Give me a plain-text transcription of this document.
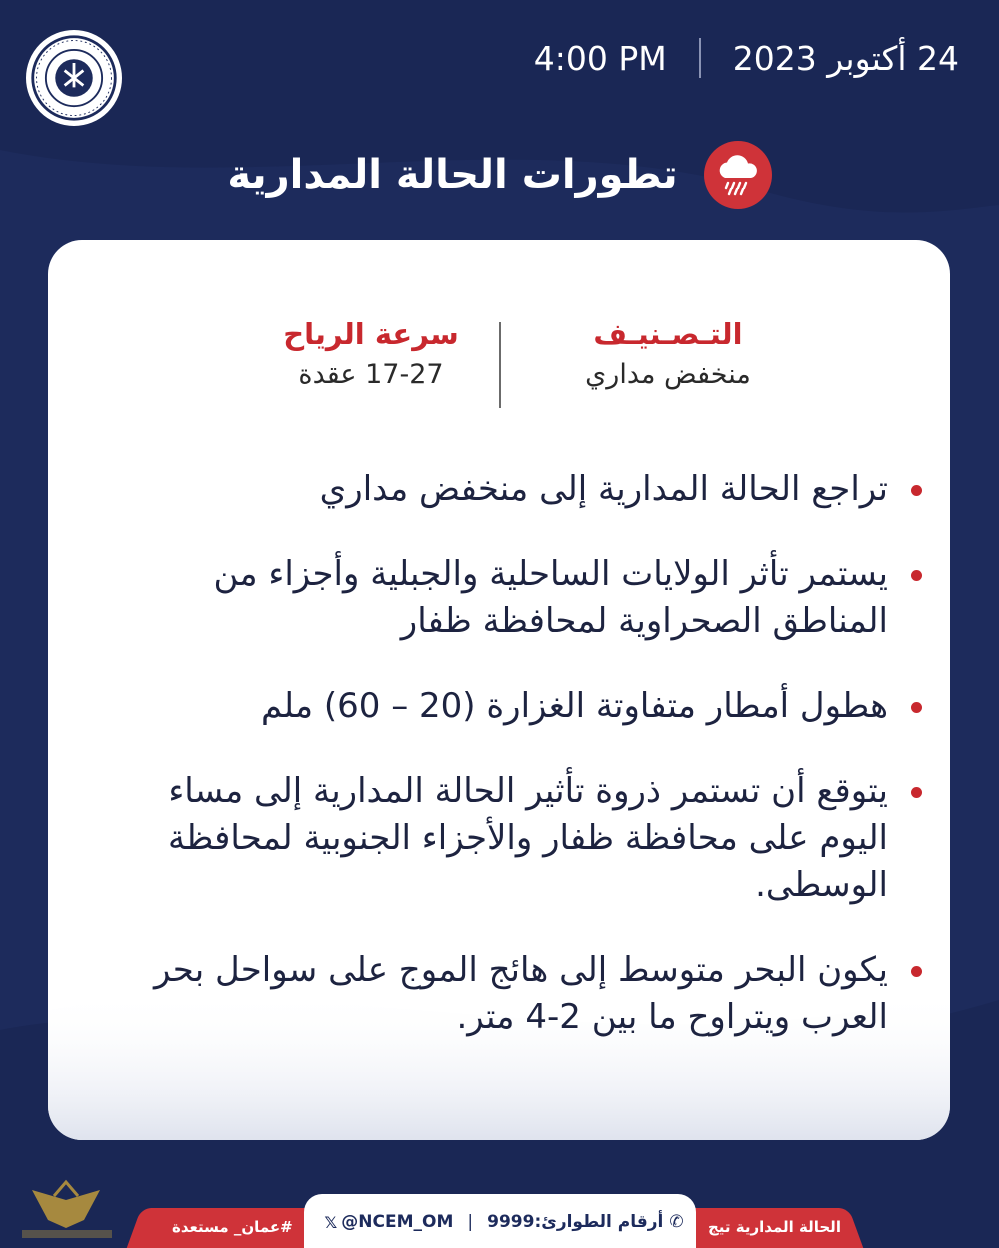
4:00 PM	24 أكتوبر 2023
تطورات الحالة المدارية
التـصـنيـف
منخفض مداري
سرعة الرياح
17-27 عقدة
تراجع الحالة المدارية إلى منخفض مداري
يستمر تأثر الولايات الساحلية والجبلية وأجزاء من المناطق الصحراوية لمحافظة ظفار
هطول أمطار متفاوتة الغزارة (20 – 60) ملم
يتوقع أن تستمر ذروة تأثير الحالة المدارية إلى مساء اليوم على محافظة ظفار والأجزاء الجنوبية لمحافظة الوسطى.
يكون البحر متوسط إلى هائج الموج على سواحل بحر العرب ويتراوح ما بين 2-4 متر.
#عمان_ مستعدة	الحالة المدارية تيج
𝕏 @NCEM_OM | أرقام الطوارئ:9999 ✆
